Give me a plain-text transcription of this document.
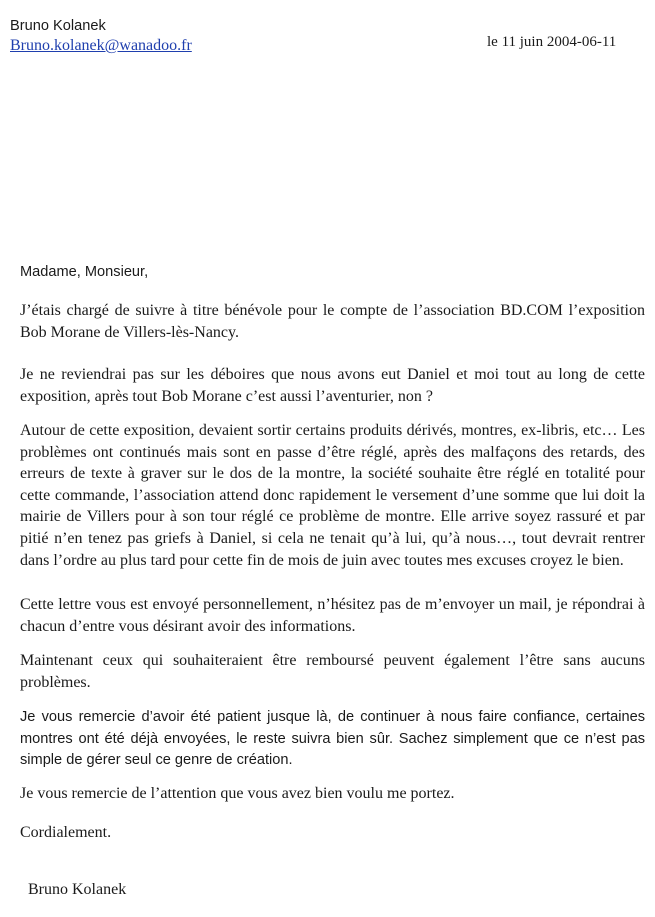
Bruno Kolanek
Bruno.kolanek@wanadoo.fr	le 11 juin 2004-06-11

Madame, Monsieur,

J’étais chargé de suivre à titre bénévole pour le compte de l’association BD.COM l’exposition Bob Morane de Villers-lès-Nancy.

Je ne reviendrai pas sur les déboires que nous avons eut Daniel et moi tout au long de cette exposition, après tout Bob Morane c’est aussi l’aventurier, non ?

Autour de cette exposition, devaient sortir certains produits dérivés, montres, ex-libris, etc… Les problèmes ont continués mais sont en passe d’être réglé, après des malfaçons des retards, des erreurs de texte à graver sur le dos de la montre, la société souhaite être réglé en totalité pour cette commande, l’association attend donc rapidement le versement d’une somme que lui doit la mairie de Villers pour à son tour réglé ce problème de montre. Elle arrive soyez rassuré et par pitié n’en tenez pas griefs à Daniel, si cela ne tenait qu’à lui, qu’à nous…, tout devrait rentrer dans l’ordre au plus tard pour cette fin de mois de juin avec toutes mes excuses croyez le bien.

Cette lettre vous est envoyé personnellement, n’hésitez pas de m’envoyer un mail, je répondrai à chacun d’entre vous désirant avoir des informations.

Maintenant ceux qui souhaiteraient être remboursé peuvent également l’être sans aucuns problèmes.

Je vous remercie d’avoir été patient jusque là, de continuer à nous faire confiance, certaines montres ont été déjà envoyées, le reste suivra bien sûr. Sachez simplement que ce n’est pas simple de gérer seul ce genre de création.

Je vous remercie de l’attention que vous avez bien voulu me portez.

Cordialement.

Bruno Kolanek
